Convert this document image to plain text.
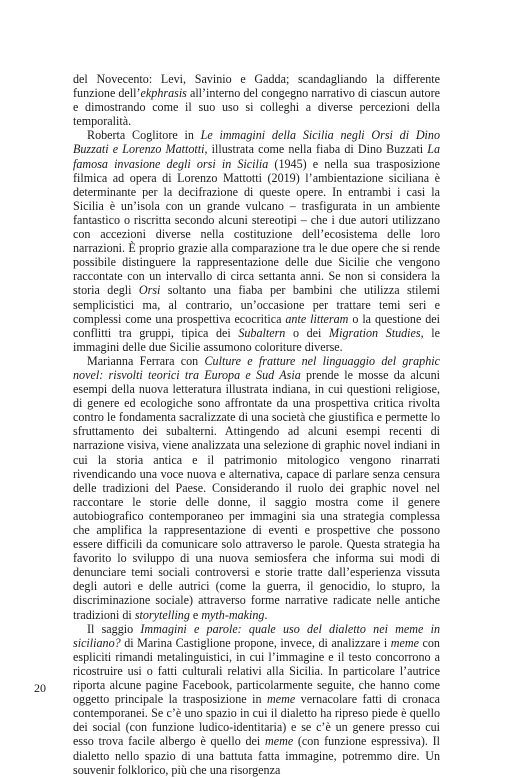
del Novecento: Levi, Savinio e Gadda; scandagliando la differente funzione dell’ekphrasis all’interno del congegno narrativo di ciascun autore e dimostrando come il suo uso si colleghi a diverse percezioni della temporalità.

Roberta Coglitore in Le immagini della Sicilia negli Orsi di Dino Buzzati e Lorenzo Mattotti, illustrata come nella fiaba di Dino Buzzati La famosa invasione degli orsi in Sicilia (1945) e nella sua trasposizione filmica ad opera di Lorenzo Mattotti (2019) l’ambientazione siciliana è determinante per la decifrazione di queste opere. In entrambi i casi la Sicilia è un’isola con un grande vulcano – trasfigurata in un ambiente fantastico o riscritta secondo alcuni stereotipi – che i due autori utilizzano con accezioni diverse nella costituzione dell’ecosistema delle loro narrazioni. È proprio grazie alla comparazione tra le due opere che si rende possibile distinguere la rappresentazione delle due Sicilie che vengono raccontate con un intervallo di circa settanta anni. Se non si considera la storia degli Orsi soltanto una fiaba per bambini che utilizza stilemi semplicistici ma, al contrario, un’occasione per trattare temi seri e complessi come una prospettiva ecocritica ante litteram o la questione dei conflitti tra gruppi, tipica dei Subaltern o dei Migration Studies, le immagini delle due Sicilie assumono coloriture diverse.

Marianna Ferrara con Culture e fratture nel linguaggio del graphic novel: risvolti teorici tra Europa e Sud Asia prende le mosse da alcuni esempi della nuova letteratura illustrata indiana, in cui questioni religiose, di genere ed ecologiche sono affrontate da una prospettiva critica rivolta contro le fondamenta sacralizzate di una società che giustifica e permette lo sfruttamento dei subalterni. Attingendo ad alcuni esempi recenti di narrazione visiva, viene analizzata una selezione di graphic novel indiani in cui la storia antica e il patrimonio mitologico vengono rinarrati rivendicando una voce nuova e alternativa, capace di parlare senza censura delle tradizioni del Paese. Considerando il ruolo dei graphic novel nel raccontare le storie delle donne, il saggio mostra come il genere autobiografico contemporaneo per immagini sia una strategia complessa che amplifica la rappresentazione di eventi e prospettive che possono essere difficili da comunicare solo attraverso le parole. Questa strategia ha favorito lo sviluppo di una nuova semiosfera che informa sui modi di denunciare temi sociali controversi e storie tratte dall’esperienza vissuta degli autori e delle autrici (come la guerra, il genocidio, lo stupro, la discriminazione sociale) attraverso forme narrative radicate nelle antiche tradizioni di storytelling e myth-making.

Il saggio Immagini e parole: quale uso del dialetto nei meme in siciliano? di Marina Castiglione propone, invece, di analizzare i meme con espliciti rimandi metalinguistici, in cui l’immagine e il testo concorrono a ricostruire usi o fatti culturali relativi alla Sicilia. In particolare l’autrice riporta alcune pagine Facebook, particolarmente seguite, che hanno come oggetto principale la trasposizione in meme vernacolare fatti di cronaca contemporanei. Se c’è uno spazio in cui il dialetto ha ripreso piede è quello dei social (con funzione ludico-identitaria) e se c’è un genere presso cui esso trova facile albergo è quello dei meme (con funzione espressiva). Il dialetto nello spazio di una battuta fatta immagine, potremmo dire. Un souvenir folklorico, più che una risorgenza

20
